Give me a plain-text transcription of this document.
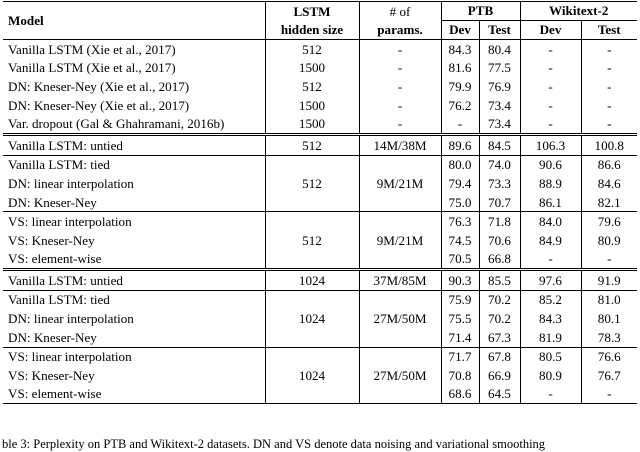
Model	LSTM	# of	PTB		Wikitext-2	
	hidden size	params.	Dev	Test	Dev	Test
Vanilla LSTM (Xie et al., 2017)	512	-	84.3	80.4	-	-
Vanilla LSTM (Xie et al., 2017)	1500	-	81.6	77.5	-	-
DN: Kneser-Ney (Xie et al., 2017)	512	-	79.9	76.9	-	-
DN: Kneser-Ney (Xie et al., 2017)	1500	-	76.2	73.4	-	-
Var. dropout (Gal & Ghahramani, 2016b)	1500	-	-	73.4	-	-
Vanilla LSTM: untied	512	14M/38M	89.6	84.5	106.3	100.8
Vanilla LSTM: tied	512	9M/21M	80.0	74.0	90.6	86.6
DN: linear interpolation			79.4	73.3	88.9	84.6
DN: Kneser-Ney			75.0	70.7	86.1	82.1
VS: linear interpolation	512	9M/21M	76.3	71.8	84.0	79.6
VS: Kneser-Ney			74.5	70.6	84.9	80.9
VS: element-wise			70.5	66.8	-	-
Vanilla LSTM: untied	1024	37M/85M	90.3	85.5	97.6	91.9
Vanilla LSTM: tied	1024	27M/50M	75.9	70.2	85.2	81.0
DN: linear interpolation			75.5	70.2	84.3	80.1
DN: Kneser-Ney			71.4	67.3	81.9	78.3
VS: linear interpolation	1024	27M/50M	71.7	67.8	80.5	76.6
VS: Kneser-Ney			70.8	66.9	80.9	76.7
VS: element-wise			68.6	64.5	-	-
ble 3: Perplexity on PTB and Wikitext-2 datasets. DN and VS denote data noising and variational smoothing
